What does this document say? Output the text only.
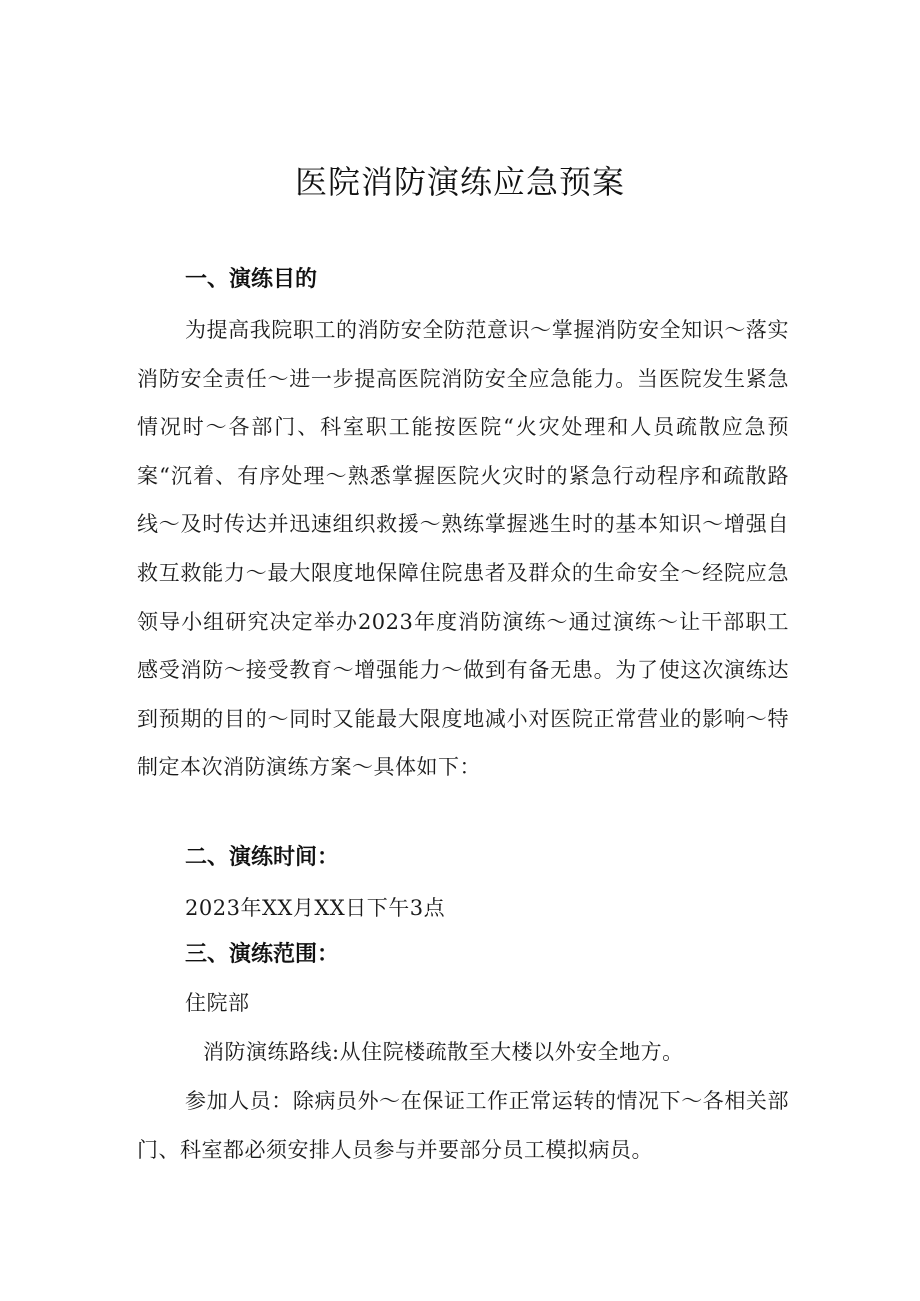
医院消防演练应急预案
一、演练目的
为提高我院职工的消防安全防范意识～掌握消防安全知识～落实消防安全责任～进一步提高医院消防安全应急能力。当医院发生紧急情况时～各部门、科室职工能按医院“火灾处理和人员疏散应急预案“沉着、有序处理～熟悉掌握医院火灾时的紧急行动程序和疏散路线～及时传达并迅速组织救援～熟练掌握逃生时的基本知识～增强自救互救能力～最大限度地保障住院患者及群众的生命安全～经院应急领导小组研究决定举办2023年度消防演练～通过演练～让干部职工感受消防～接受教育～增强能力～做到有备无患。为了使这次演练达到预期的目的～同时又能最大限度地减小对医院正常营业的影响～特制定本次消防演练方案～具体如下：
二、演练时间：
2023年XX月XX日下午3点
三、演练范围：
住院部
消防演练路线:从住院楼疏散至大楼以外安全地方。
参加人员：除病员外～在保证工作正常运转的情况下～各相关部门、科室都必须安排人员参与并要部分员工模拟病员。
